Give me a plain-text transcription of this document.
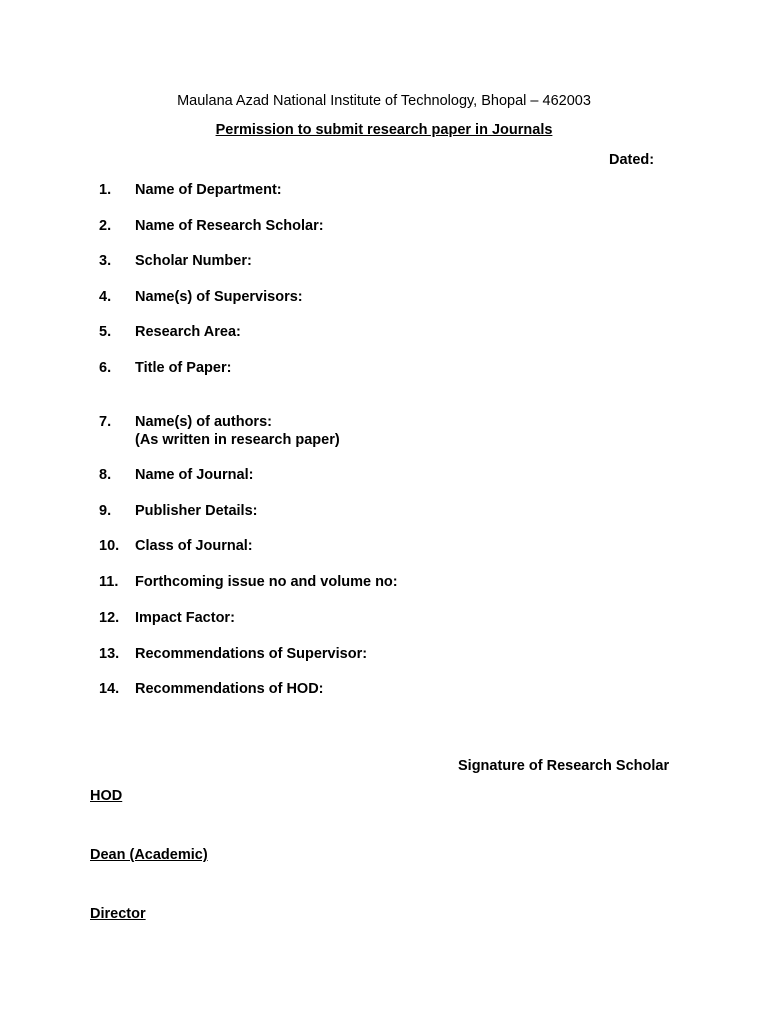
Maulana Azad National Institute of Technology, Bhopal – 462003
Permission to submit research paper in Journals
Dated:
1. Name of Department:
2. Name of Research Scholar:
3. Scholar Number:
4. Name(s) of Supervisors:
5. Research Area:
6. Title of Paper:
7. Name(s) of authors:
(As written in research paper)
8. Name of Journal:
9. Publisher Details:
10. Class of Journal:
11. Forthcoming issue no and volume no:
12. Impact Factor:
13. Recommendations of Supervisor:
14. Recommendations of HOD:
Signature of Research Scholar
HOD
Dean (Academic)
Director
